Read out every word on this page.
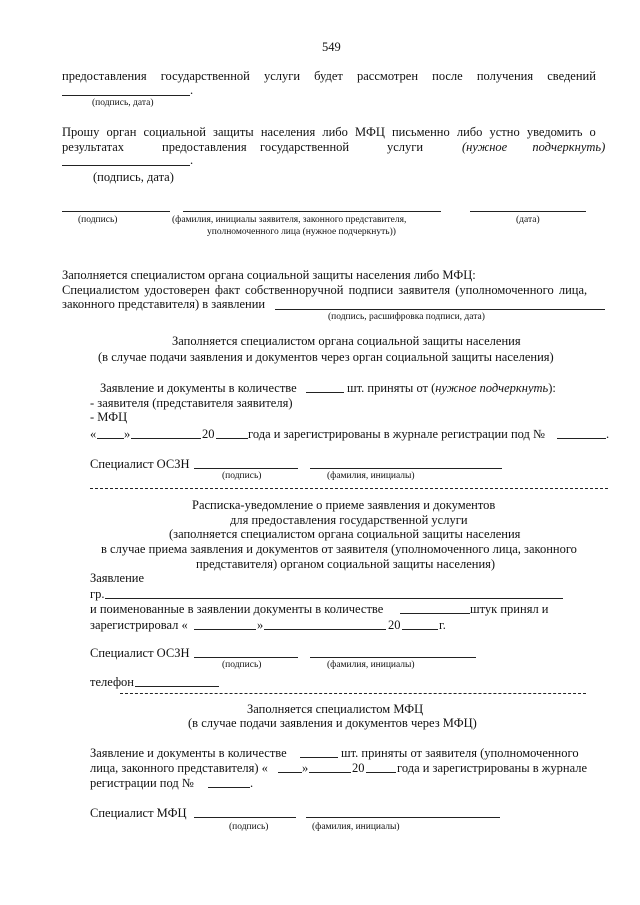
549
предоставления государственной услуги будет рассмотрен после получения сведений
.
(подпись, дата)
Прошу орган социальной защиты населения либо МФЦ письменно либо устно уведомить о
результатах	предоставления государственной	услуги	(нужное подчеркнуть)
.
(подпись, дата)
(подпись)	(фамилия, инициалы заявителя, законного представителя,
уполномоченного лица (нужное подчеркнуть))
(дата)
Заполняется специалистом органа социальной защиты населения либо МФЦ:
Специалистом удостоверен факт собственноручной подписи заявителя (уполномоченного лица,
законного представителя) в заявлении
(подпись, расшифровка подписи, дата)
Заполняется специалистом органа социальной защиты населения
(в случае подачи заявления и документов через орган социальной защиты населения)
Заявление и документы в количестве	шт. приняты от (нужное подчеркнуть):
- заявителя (представителя заявителя)
- МФЦ
« »	20	года и зарегистрированы в журнале регистрации под №	.
Специалист ОСЗН
(подпись)	(фамилия, инициалы)
Расписка-уведомление о приеме заявления и документов
для предоставления государственной услуги
(заполняется специалистом органа социальной защиты населения
в случае приема заявления и документов от заявителя (уполномоченного лица, законного
представителя) органом социальной защиты населения)
Заявление
гр.
и поименованные в заявлении документы в количестве	штук принял и
зарегистрировал «	»	20	г.
Специалист ОСЗН
(подпись)	(фамилия, инициалы)
телефон
Заполняется специалистом МФЦ
(в случае подачи заявления и документов через МФЦ)
Заявление и документы в количестве	шт. приняты от заявителя (уполномоченного
лица, законного представителя) «	»	20	года и зарегистрированы в журнале
регистрации под №	.
Специалист МФЦ
(подпись)	(фамилия, инициалы)
